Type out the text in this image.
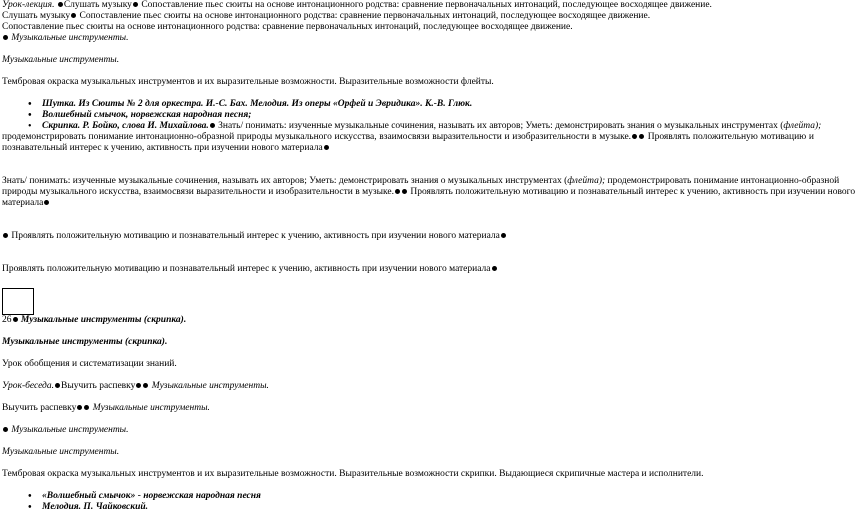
Урок-лекция. Слушать музыку Сопоставление пьес сюиты на основе интонационного родства: сравнение первоначальных интонаций, последующее восходящее движение.
Слушать музыку Сопоставление пьес сюиты на основе интонационного родства: сравнение первоначальных интонаций, последующее восходящее движение.
Сопоставление пьес сюиты на основе интонационного родства: сравнение первоначальных интонаций, последующее восходящее движение.
Музыкальные инструменты.
Музыкальные инструменты.
Тембровая окраска музыкальных инструментов и их выразительные возможности. Выразительные возможности флейты.
• Шутка. Из Сюиты № 2 для оркестра. И.-С. Бах. Мелодия. Из оперы «Орфей и Эвридика». К.-В. Глюк.
• Волшебный смычок, норвежская народная песня;
• Скрипка. Р. Бойко, слова И. Михайлова. Знать/ понимать: изученные музыкальные сочинения, называть их авторов; Уметь: демонстрировать знания о музыкальных инструментах (флейта);
продемонстрировать понимание интонационно-образной природы музыкального искусства, взаимосвязи выразительности и изобразительности в музыке. Проявлять положительную мотивацию и
познавательный интерес к учению, активность при изучении нового материала
Знать/ понимать: изученные музыкальные сочинения, называть их авторов; Уметь: демонстрировать знания о музыкальных инструментах (флейта); продемонстрировать понимание интонационно-образной
природы музыкального искусства, взаимосвязи выразительности и изобразительности в музыке. Проявлять положительную мотивацию и познавательный интерес к учению, активность при изучении нового
материала
Проявлять положительную мотивацию и познавательный интерес к учению, активность при изучении нового материала
Проявлять положительную мотивацию и познавательный интерес к учению, активность при изучении нового материала
26 Музыкальные инструменты (скрипка).
Музыкальные инструменты (скрипка).
Урок обобщения и систематизации знаний.
Урок-беседа. Выучить распевку Музыкальные инструменты.
Выучить распевку Музыкальные инструменты.
Музыкальные инструменты.
Музыкальные инструменты.
Тембровая окраска музыкальных инструментов и их выразительные возможности. Выразительные возможности скрипки. Выдающиеся скрипичные мастера и исполнители.
• «Волшебный смычок» - норвежская народная песня
• Мелодия. П. Чайковский.
